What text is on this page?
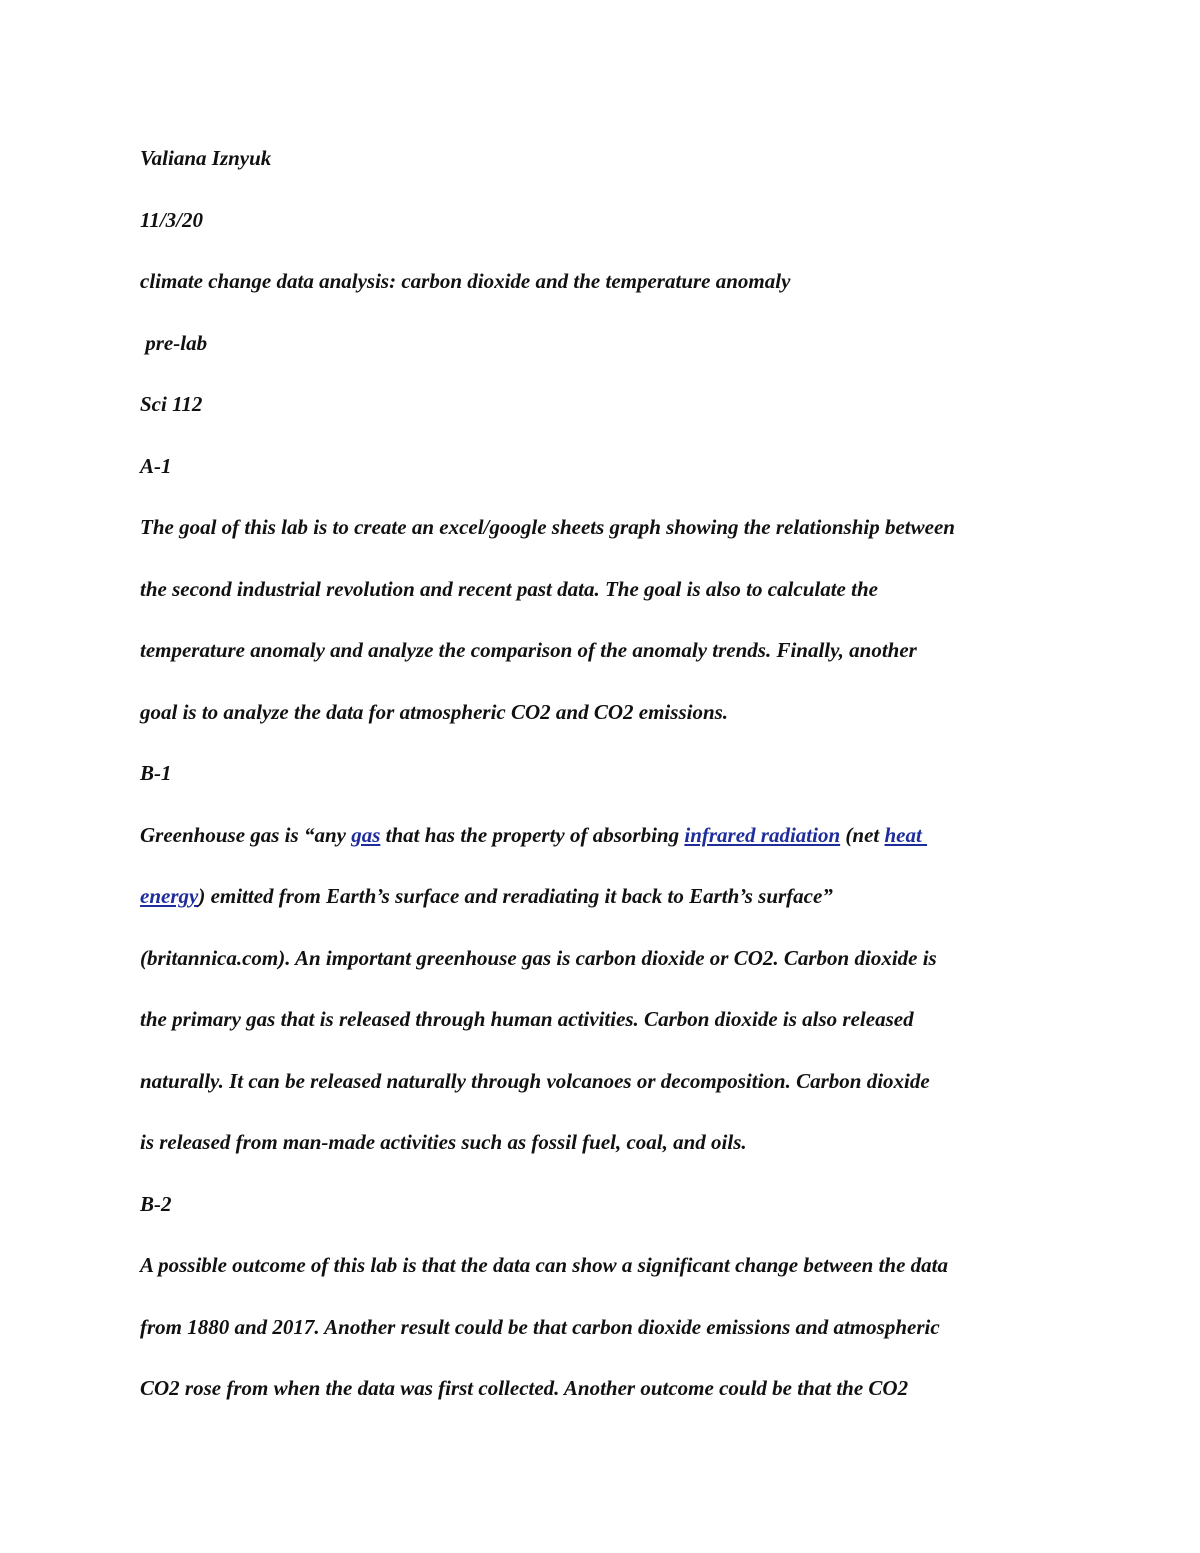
Valiana Iznyuk
11/3/20
climate change data analysis: carbon dioxide and the temperature anomaly
pre-lab
Sci 112
A-1
The goal of this lab is to create an excel/google sheets graph showing the relationship between
the second industrial revolution and recent past data. The goal is also to calculate the
temperature anomaly and analyze the comparison of the anomaly trends. Finally, another
goal is to analyze the data for atmospheric CO2 and CO2 emissions.
B-1
Greenhouse gas is “any gas that has the property of absorbing infrared radiation (net heat
energy) emitted from Earth’s surface and reradiating it back to Earth’s surface”
(britannica.com). An important greenhouse gas is carbon dioxide or CO2. Carbon dioxide is
the primary gas that is released through human activities. Carbon dioxide is also released
naturally. It can be released naturally through volcanoes or decomposition. Carbon dioxide
is released from man-made activities such as fossil fuel, coal, and oils.
B-2
A possible outcome of this lab is that the data can show a significant change between the data
from 1880 and 2017. Another result could be that carbon dioxide emissions and atmospheric
CO2 rose from when the data was first collected. Another outcome could be that the CO2
